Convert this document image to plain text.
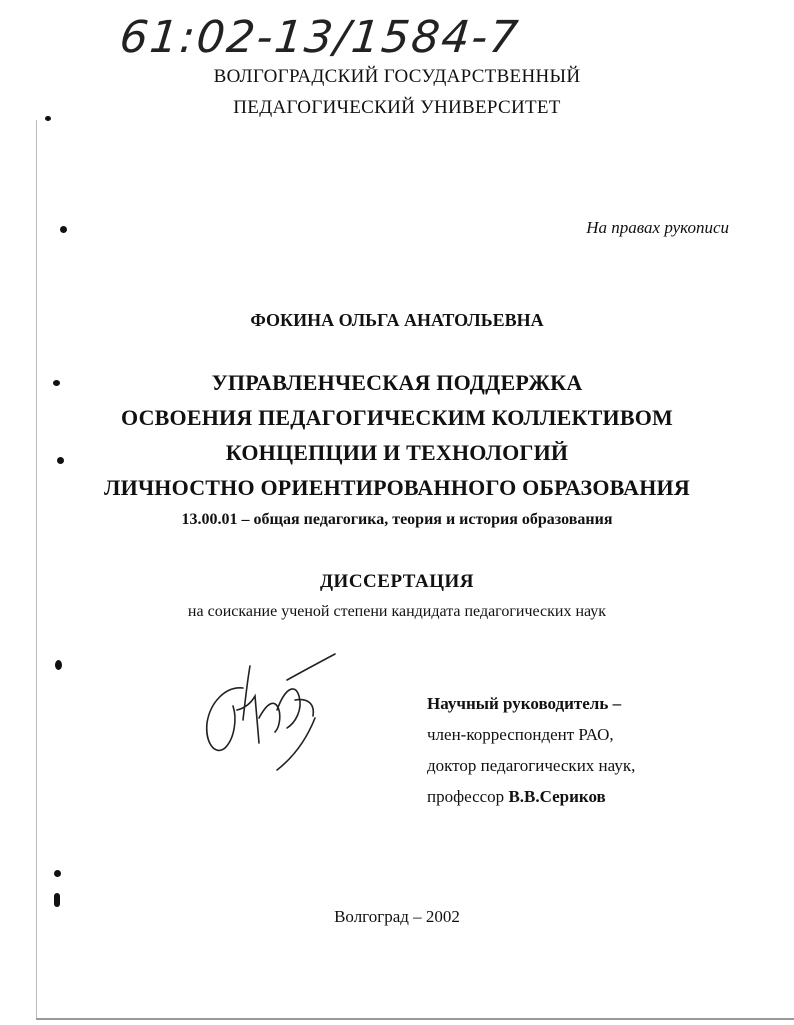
61:02-13/1584-7
ВОЛГОГРАДСКИЙ ГОСУДАРСТВЕННЫЙ
ПЕДАГОГИЧЕСКИЙ УНИВЕРСИТЕТ
На правах рукописи
ФОКИНА ОЛЬГА АНАТОЛЬЕВНА
УПРАВЛЕНЧЕСКАЯ ПОДДЕРЖКА
ОСВОЕНИЯ ПЕДАГОГИЧЕСКИМ КОЛЛЕКТИВОМ
КОНЦЕПЦИИ И ТЕХНОЛОГИЙ
ЛИЧНОСТНО ОРИЕНТИРОВАННОГО ОБРАЗОВАНИЯ
13.00.01 – общая педагогика, теория и история образования
ДИССЕРТАЦИЯ
на соискание ученой степени кандидата педагогических наук
Научный руководитель –
член-корреспондент РАО,
доктор педагогических наук,
профессор В.В.Сериков
Волгоград – 2002
